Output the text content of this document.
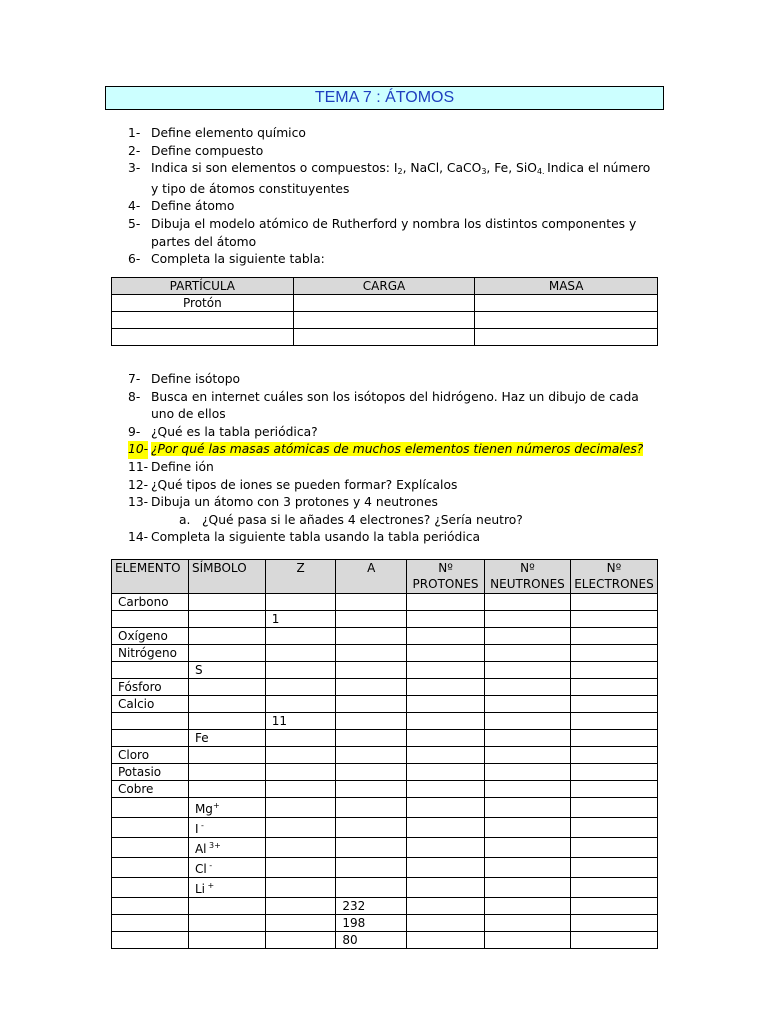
TEMA 7 : ÁTOMOS
1- Define elemento químico
2- Define compuesto
3- Indica si son elementos o compuestos: $I_2$, NaCl, CaCO$_3$, Fe, SiO$_{4.}$ Indica el número y tipo de átomos constituyentes
4- Define átomo
5- Dibuja el modelo atómico de Rutherford y nombra los distintos componentes y partes del átomo
6- Completa la siguiente tabla:
PARTÍCULA	CARGA	MASA
Protón		

7- Define isótopo
8- Busca en internet cuáles son los isótopos del hidrógeno. Haz un dibujo de cada uno de ellos
9- ¿Qué es la tabla periódica?
10- ¿Por qué las masas atómicas de muchos elementos tienen números decimales?
11- Define ión
12- ¿Qué tipos de iones se pueden formar? Explícalos
13- Dibuja un átomo con 3 protones y 4 neutrones
a. ¿Qué pasa si le añades 4 electrones? ¿Sería neutro?
14- Completa la siguiente tabla usando la tabla periódica
ELEMENTO	SÍMBOLO	Z	A	Nº PROTONES	Nº NEUTRONES	Nº ELECTRONES
Carbono						
		1				
Oxígeno						
Nitrógeno						
	S					
Fósforo						
Calcio						
		11				
	Fe					
Cloro						
Potasio						
Cobre						
	Mg+					
	I -					
	Al $^{3+}$					
	Cl -					
	Li +					
			232			
			198			
			80			
